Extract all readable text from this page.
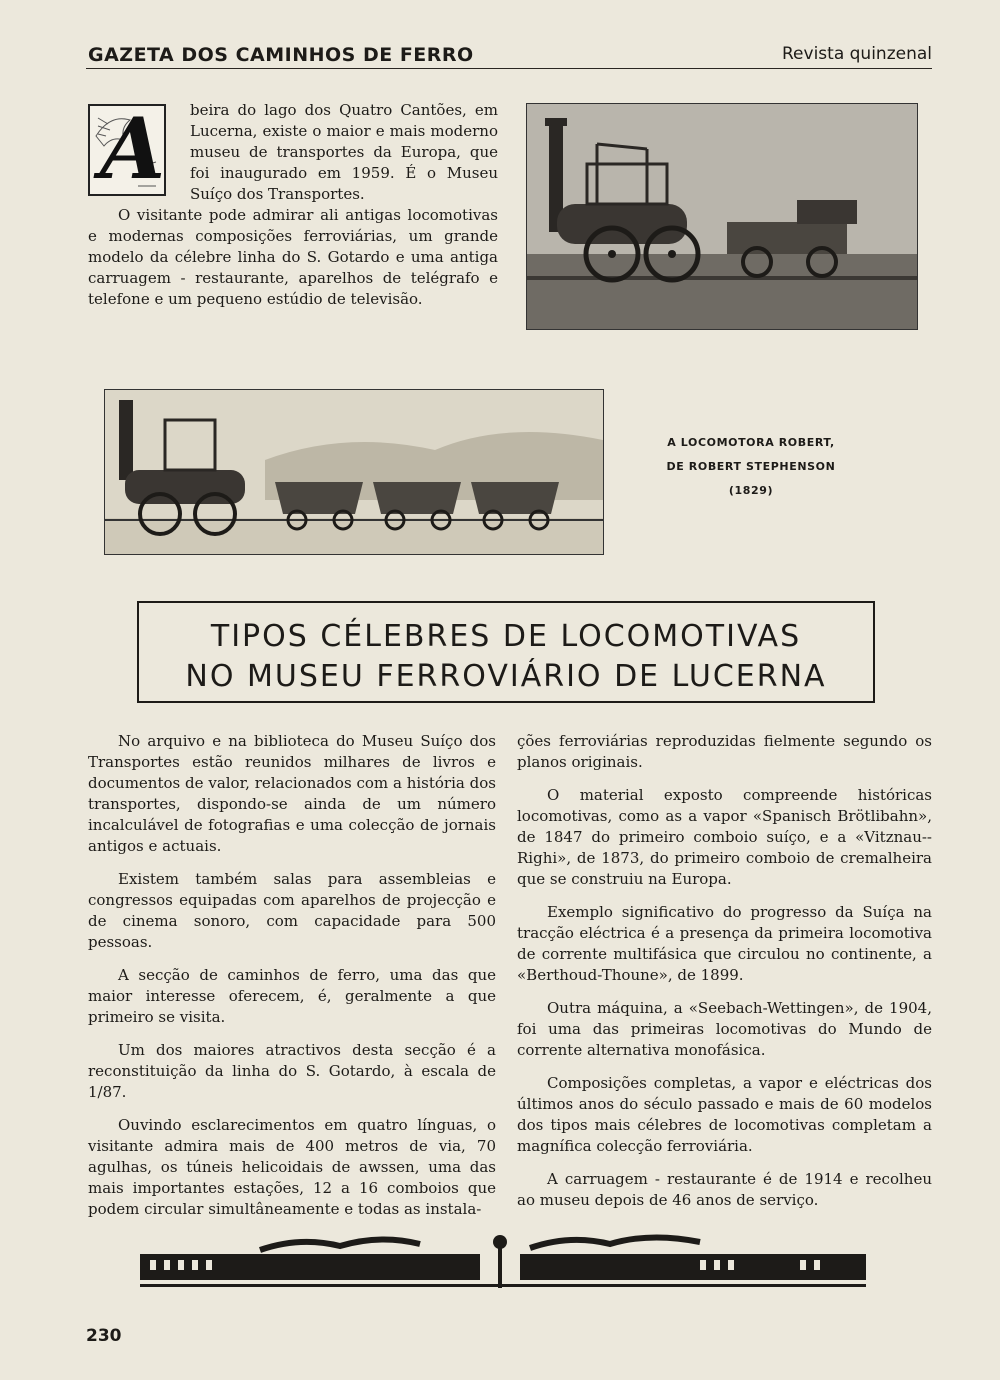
GAZETA DOS CAMINHOS DE FERRO	Revista quinzenal
A beira do lago dos Quatro Cantões, em Lucerna, existe o maior e mais moderno museu de transportes da Europa, que foi inaugurado em 1959. É o Museu Suíço dos Transportes.

O visitante pode admirar ali antigas locomotivas e modernas composições ferroviárias, um grande modelo da célebre linha do S. Gotardo e uma antiga carruagem - restaurante, aparelhos de telégrafo e telefone e um pequeno estúdio de televisão.

A LOCOMOTORA ROBERT,
DE ROBERT STEPHENSON
(1829)
TIPOS CÉLEBRES DE LOCOMOTIVAS
NO MUSEU FERROVIÁRIO DE LUCERNA

No arquivo e na biblioteca do Museu Suíço dos Transportes estão reunidos milhares de livros e documentos de valor, relacionados com a história dos transportes, dispondo-se ainda de um número incalculável de fotografias e uma colecção de jornais antigos e actuais.

Existem também salas para assembleias e congressos equipadas com aparelhos de projecção e de cinema sonoro, com capacidade para 500 pessoas.

A secção de caminhos de ferro, uma das que maior interesse oferecem, é, geralmente a que primeiro se visita.

Um dos maiores atractivos desta secção é a reconstituição da linha do S. Gotardo, à escala de 1/87.

Ouvindo esclarecimentos em quatro línguas, o visitante admira mais de 400 metros de via, 70 agulhas, os túneis helicoidais de awssen, uma das mais importantes estações, 12 a 16 comboios que podem circular simultâneamente e todas as instala-

ções ferroviárias reproduzidas fielmente segundo os planos originais.

O material exposto compreende históricas locomotivas, como as a vapor «Spanisch Brötlibahn», de 1847 do primeiro comboio suíço, e a «Vitznau--Righi», de 1873, do primeiro comboio de cremalheira que se construiu na Europa.

Exemplo significativo do progresso da Suíça na tracção eléctrica é a presença da primeira locomotiva de corrente multifásica que circulou no continente, a «Berthoud-Thoune», de 1899.

Outra máquina, a «Seebach-Wettingen», de 1904, foi uma das primeiras locomotivas do Mundo de corrente alternativa monofásica.

Composições completas, a vapor e eléctricas dos últimos anos do século passado e mais de 60 modelos dos tipos mais célebres de locomotivas completam a magnífica colecção ferroviária.

A carruagem - restaurante é de 1914 e recolheu ao museu depois de 46 anos de serviço.

230
